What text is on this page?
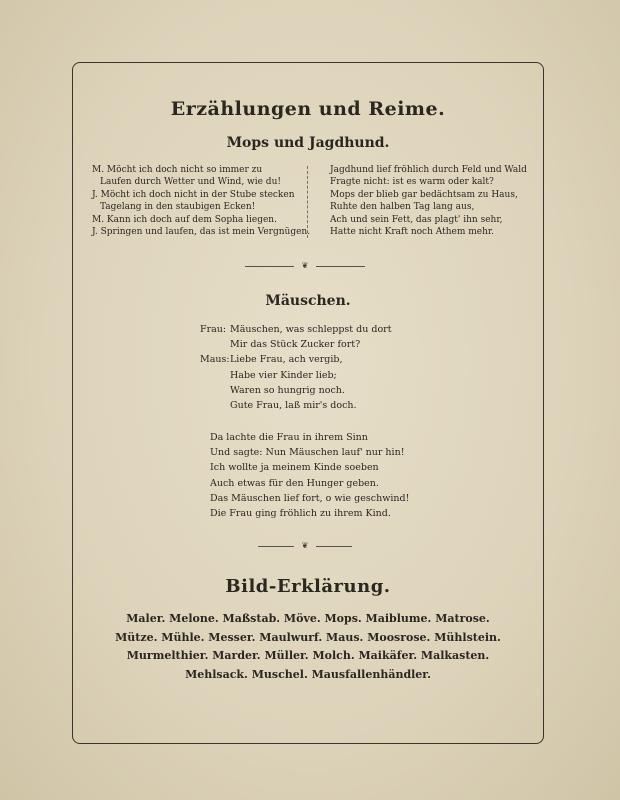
Erzählungen und Reime.
Mops und Jagdhund.
M. Möcht ich doch nicht so immer zu
Laufen durch Wetter und Wind, wie du!
J. Möcht ich doch nicht in der Stube stecken
Tagelang in den staubigen Ecken!
M. Kann ich doch auf dem Sopha liegen.
J. Springen und laufen, das ist mein Vergnügen.
Jagdhund lief fröhlich durch Feld und Wald
Fragte nicht: ist es warm oder kalt?
Mops der blieb gar bedächtsam zu Haus,
Ruhte den halben Tag lang aus,
Ach und sein Fett, das plagt' ihn sehr,
Hatte nicht Kraft noch Athem mehr.
❦
Mäuschen.
Frau: Mäuschen, was schleppst du dort
Mir das Stück Zucker fort?
Maus: Liebe Frau, ach vergib,
Habe vier Kinder lieb;
Waren so hungrig noch.
Gute Frau, laß mir's doch.
Da lachte die Frau in ihrem Sinn
Und sagte: Nun Mäuschen lauf' nur hin!
Ich wollte ja meinem Kinde soeben
Auch etwas für den Hunger geben.
Das Mäuschen lief fort, o wie geschwind!
Die Frau ging fröhlich zu ihrem Kind.
❦
Bild-Erklärung.
Maler. Melone. Maßstab. Möve. Mops. Maiblume. Matrose.
Mütze. Mühle. Messer. Maulwurf. Maus. Moosrose. Mühlstein.
Murmelthier. Marder. Müller. Molch. Maikäfer. Malkasten.
Mehlsack. Muschel. Mausfallenhändler.
